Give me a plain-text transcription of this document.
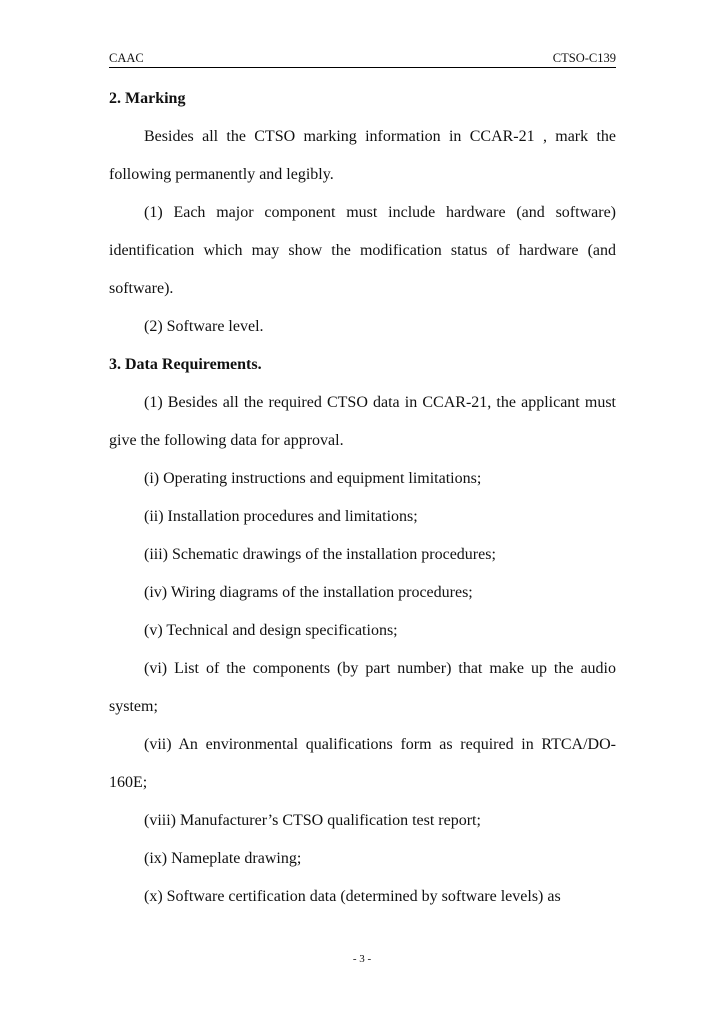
CAAC	CTSO-C139
2. Marking

Besides all the CTSO marking information in CCAR-21 , mark the following permanently and legibly.

(1) Each major component must include hardware (and software) identification which may show the modification status of hardware (and software).

(2) Software level.

3. Data Requirements.

(1) Besides all the required CTSO data in CCAR-21, the applicant must give the following data for approval.

(i) Operating instructions and equipment limitations;

(ii) Installation procedures and limitations;

(iii) Schematic drawings of the installation procedures;

(iv) Wiring diagrams of the installation procedures;

(v) Technical and design specifications;

(vi) List of the components (by part number) that make up the audio system;

(vii) An environmental qualifications form as required in RTCA/DO-160E;

(viii) Manufacturer’s CTSO qualification test report;

(ix) Nameplate drawing;

(x) Software certification data (determined by software levels) as

- 3 -
